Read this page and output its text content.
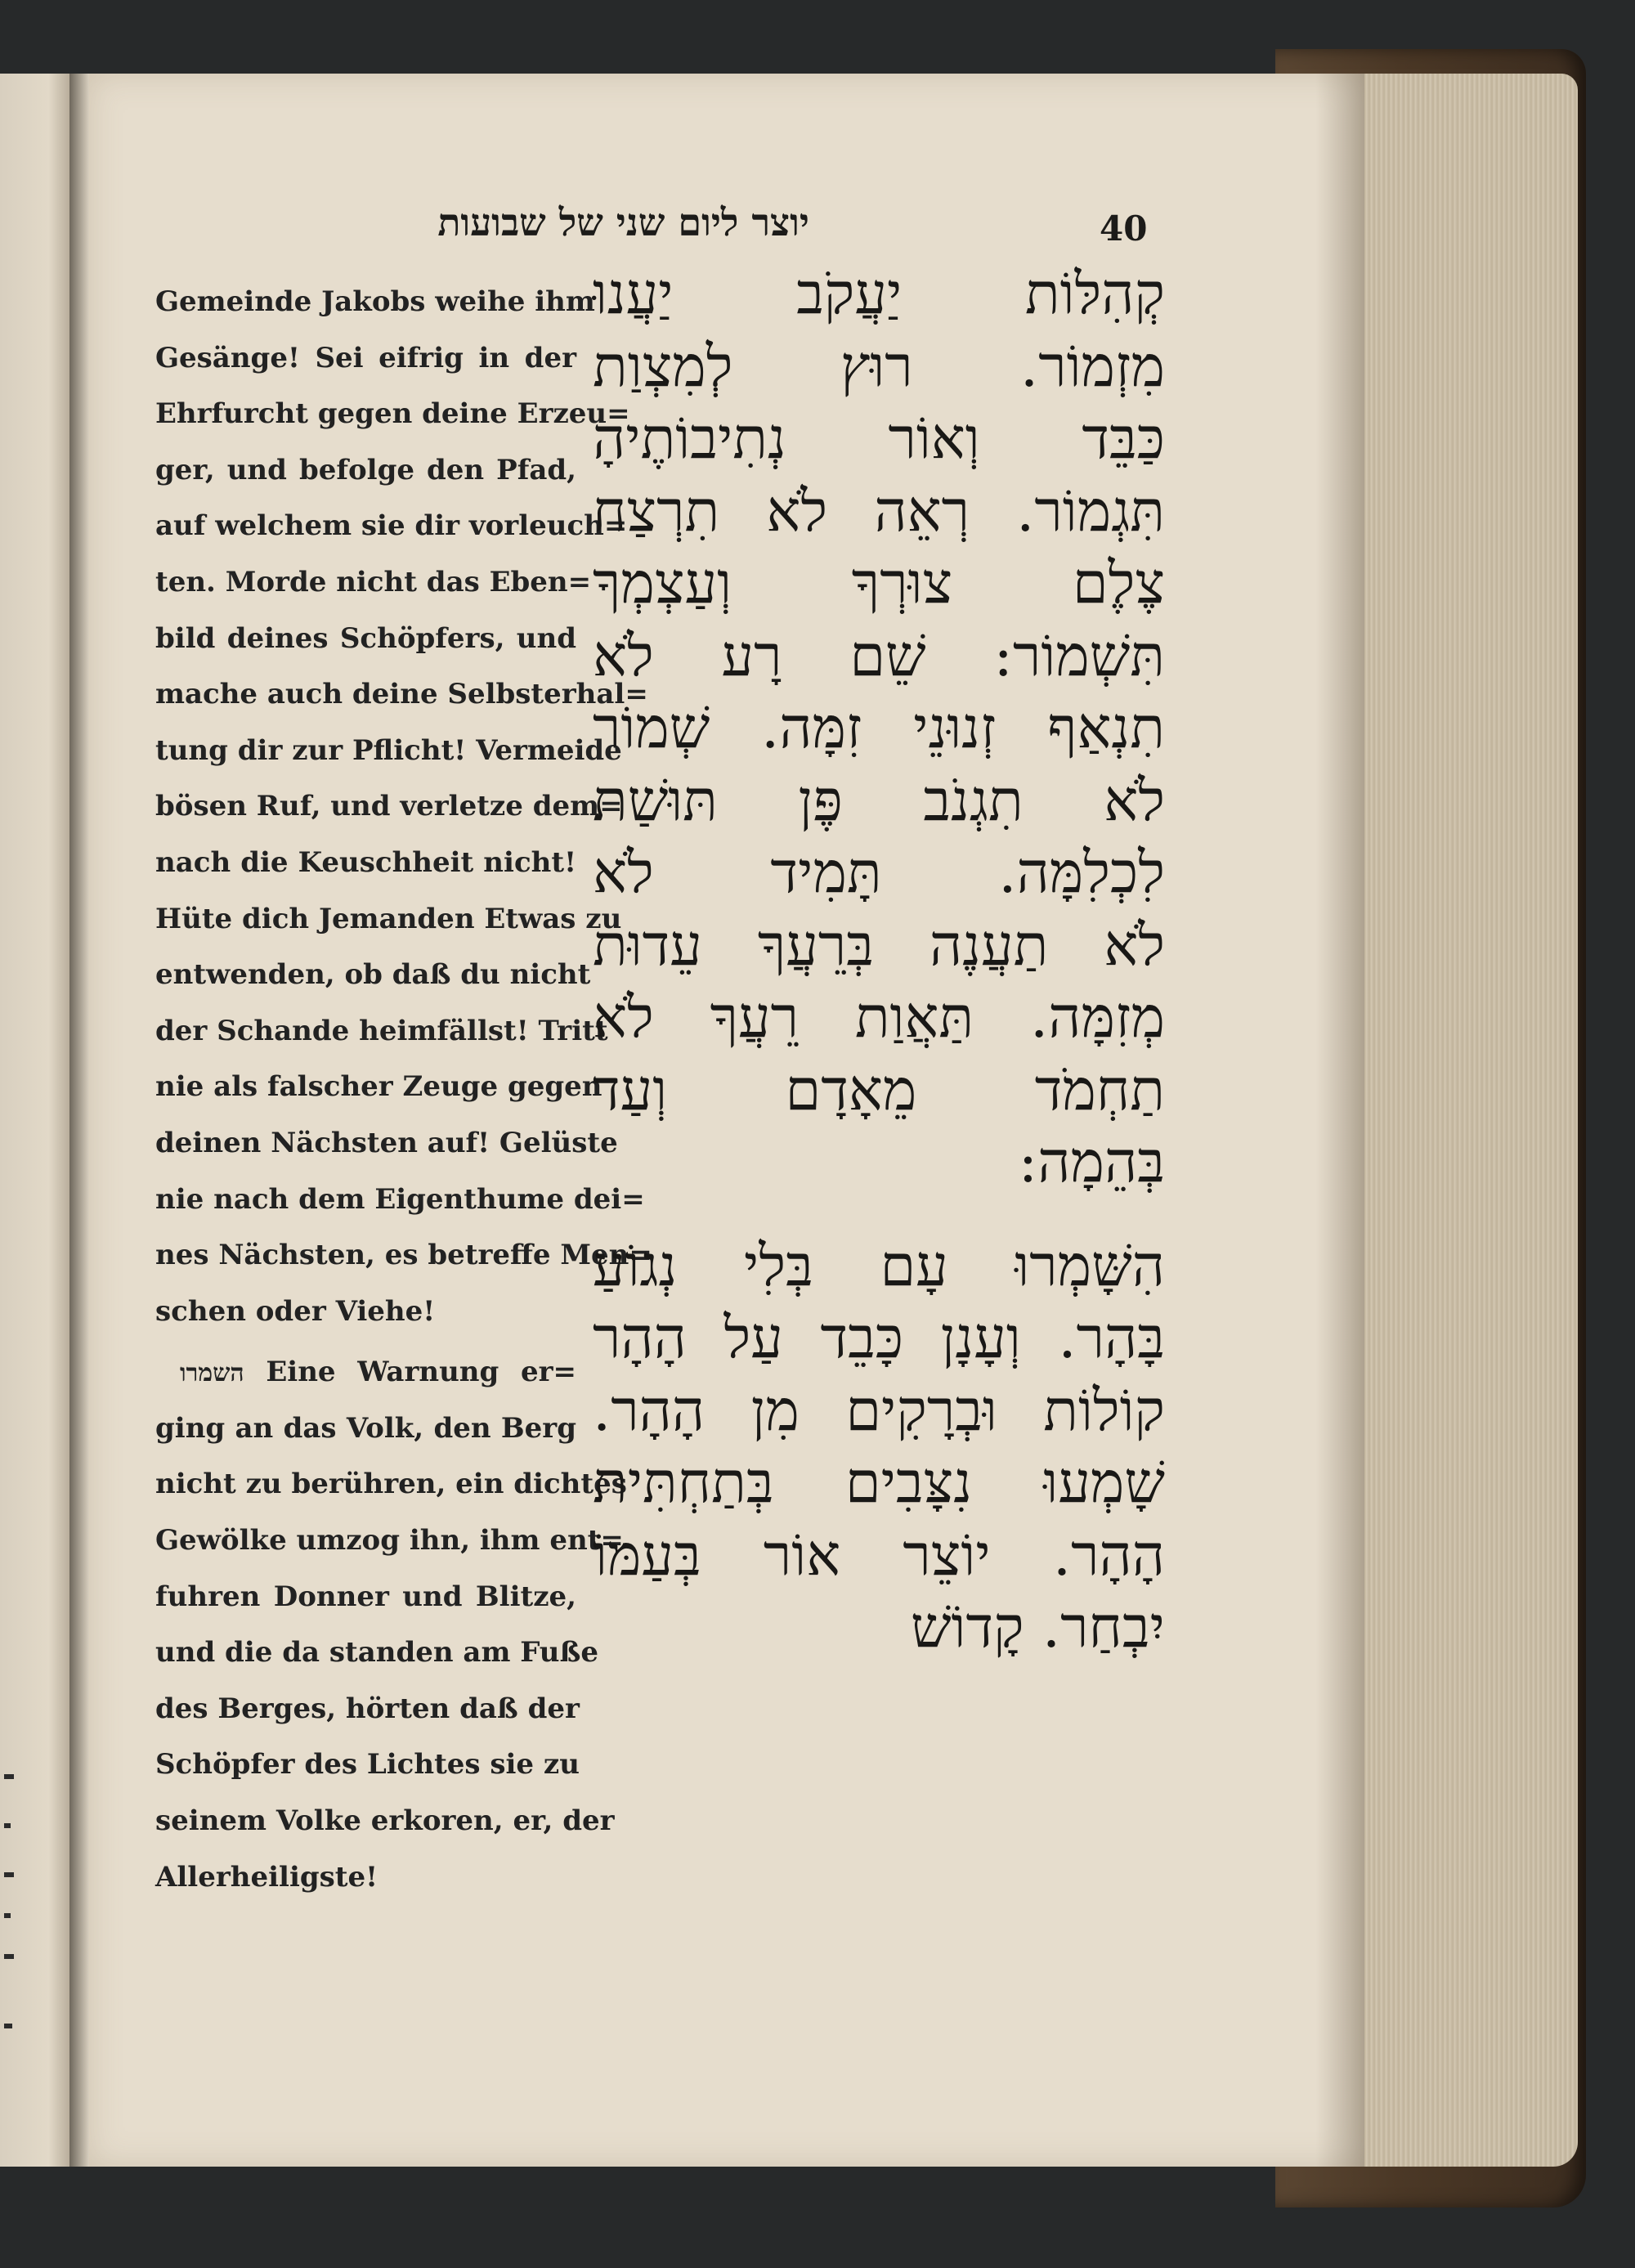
יוצר ליום שני של שבועות	40
Gemeinde Jakobs weihe ihm
Gesänge! Sei eifrig in der
Ehrfurcht gegen deine Erzeu=
ger, und befolge den Pfad,
auf welchem sie dir vorleuch=
ten. Morde nicht das Eben=
bild deines Schöpfers, und
mache auch deine Selbsterhal=
tung dir zur Pflicht! Vermeide
bösen Ruf, und verletze dem=
nach die Keuschheit nicht!
Hüte dich Jemanden Etwas zu
entwenden, ob daß du nicht
der Schande heimfällst! Tritt
nie als falscher Zeuge gegen
deinen Nächsten auf! Gelüste
nie nach dem Eigenthume dei=
nes Nächsten, es betreffe Men=
schen oder Viehe!
השמרו Eine Warnung er=
ging an das Volk, den Berg
nicht zu berühren, ein dichtes
Gewölke umzog ihn, ihm ent=
fuhren Donner und Blitze,
und die da standen am Fuße
des Berges, hörten daß der
Schöpfer des Lichtes sie zu
seinem Volke erkoren, er, der
Allerheiligste!
קְהִלּוֹת יַעֲקֹב יַעֲנוּ
מִזְמוֹר. רוּץ לְמִצְוַת
כַּבֵּד וְאוֹר נְתִיבוֹתֶיהָ
תִּגְמוֹר. רְאֵה לֹא תִרְצַח
צֶלֶם צוּרְךָ וְעַצְמְךָ
תִּשְׁמוֹר: שֵׁם רָע לֹא
תִנְאַף זְנוּנֵי זִמָּה. שְׁמוֹר
לֹא תִגְנֹב פֶּן תּוּשַׁת
לִכְלִמָּה. תָּמִיד לֹא
לֹא תַעֲנֶה בְּרֵעֲךָ עֵדוּת
מְזִמָּה. תַּאֲוַת רֵעֲךָ לֹא
תַחְמֹד מֵאָדָם וְעַד
בְּהֵמָה:
הִשָּׁמְרוּ עָם בְּלִי נְגוֹעַ
בָּהָר. וְעָנָן כָּבֵד עַל הָהָר
קוֹלוֹת וּבְרָקִים מִן הָהָר.
שָׁמְעוּ נִצָּבִים בְּתַחְתִּית
הָהָר. יוֹצֵר אוֹר בְּעַמּוֹ
יִבְחַר. קָדוֹשׁ
